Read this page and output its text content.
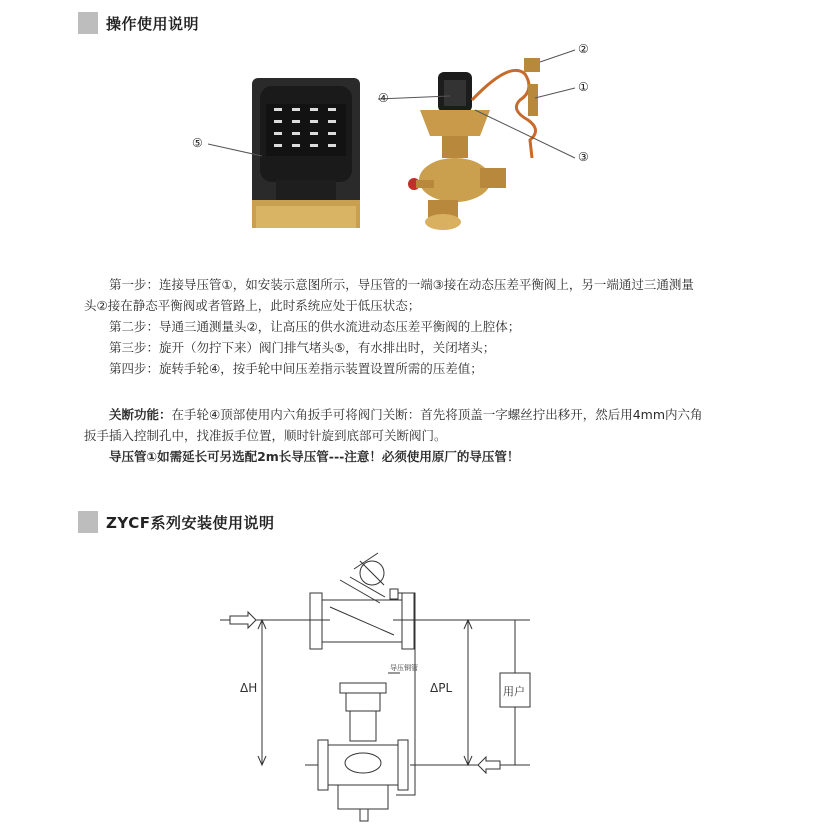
操作使用说明
②
①
④
③
⑤

第一步：连接导压管①，如安装示意图所示，导压管的一端③接在动态压差平衡阀上，另一端通过三通测量

头②接在静态平衡阀或者管路上，此时系统应处于低压状态；

第二步：导通三通测量头②，让高压的供水流进动态压差平衡阀的上腔体；

第三步：旋开（勿拧下来）阀门排气堵头⑤，有水排出时，关闭堵头；

第四步：旋转手轮④，按手轮中间压差指示装置设置所需的压差值；

关断功能：在手轮④顶部使用内六角扳手可将阀门关断：首先将顶盖一字螺丝拧出移开，然后用4mm内六角

扳手插入控制孔中，找准扳手位置，顺时针旋到底部可关断阀门。

导压管①如需延长可另选配2m长导压管---注意！必须使用原厂的导压管！

ZYCF系列安装使用说明
ΔH	ΔPL	用户
导压铜管
